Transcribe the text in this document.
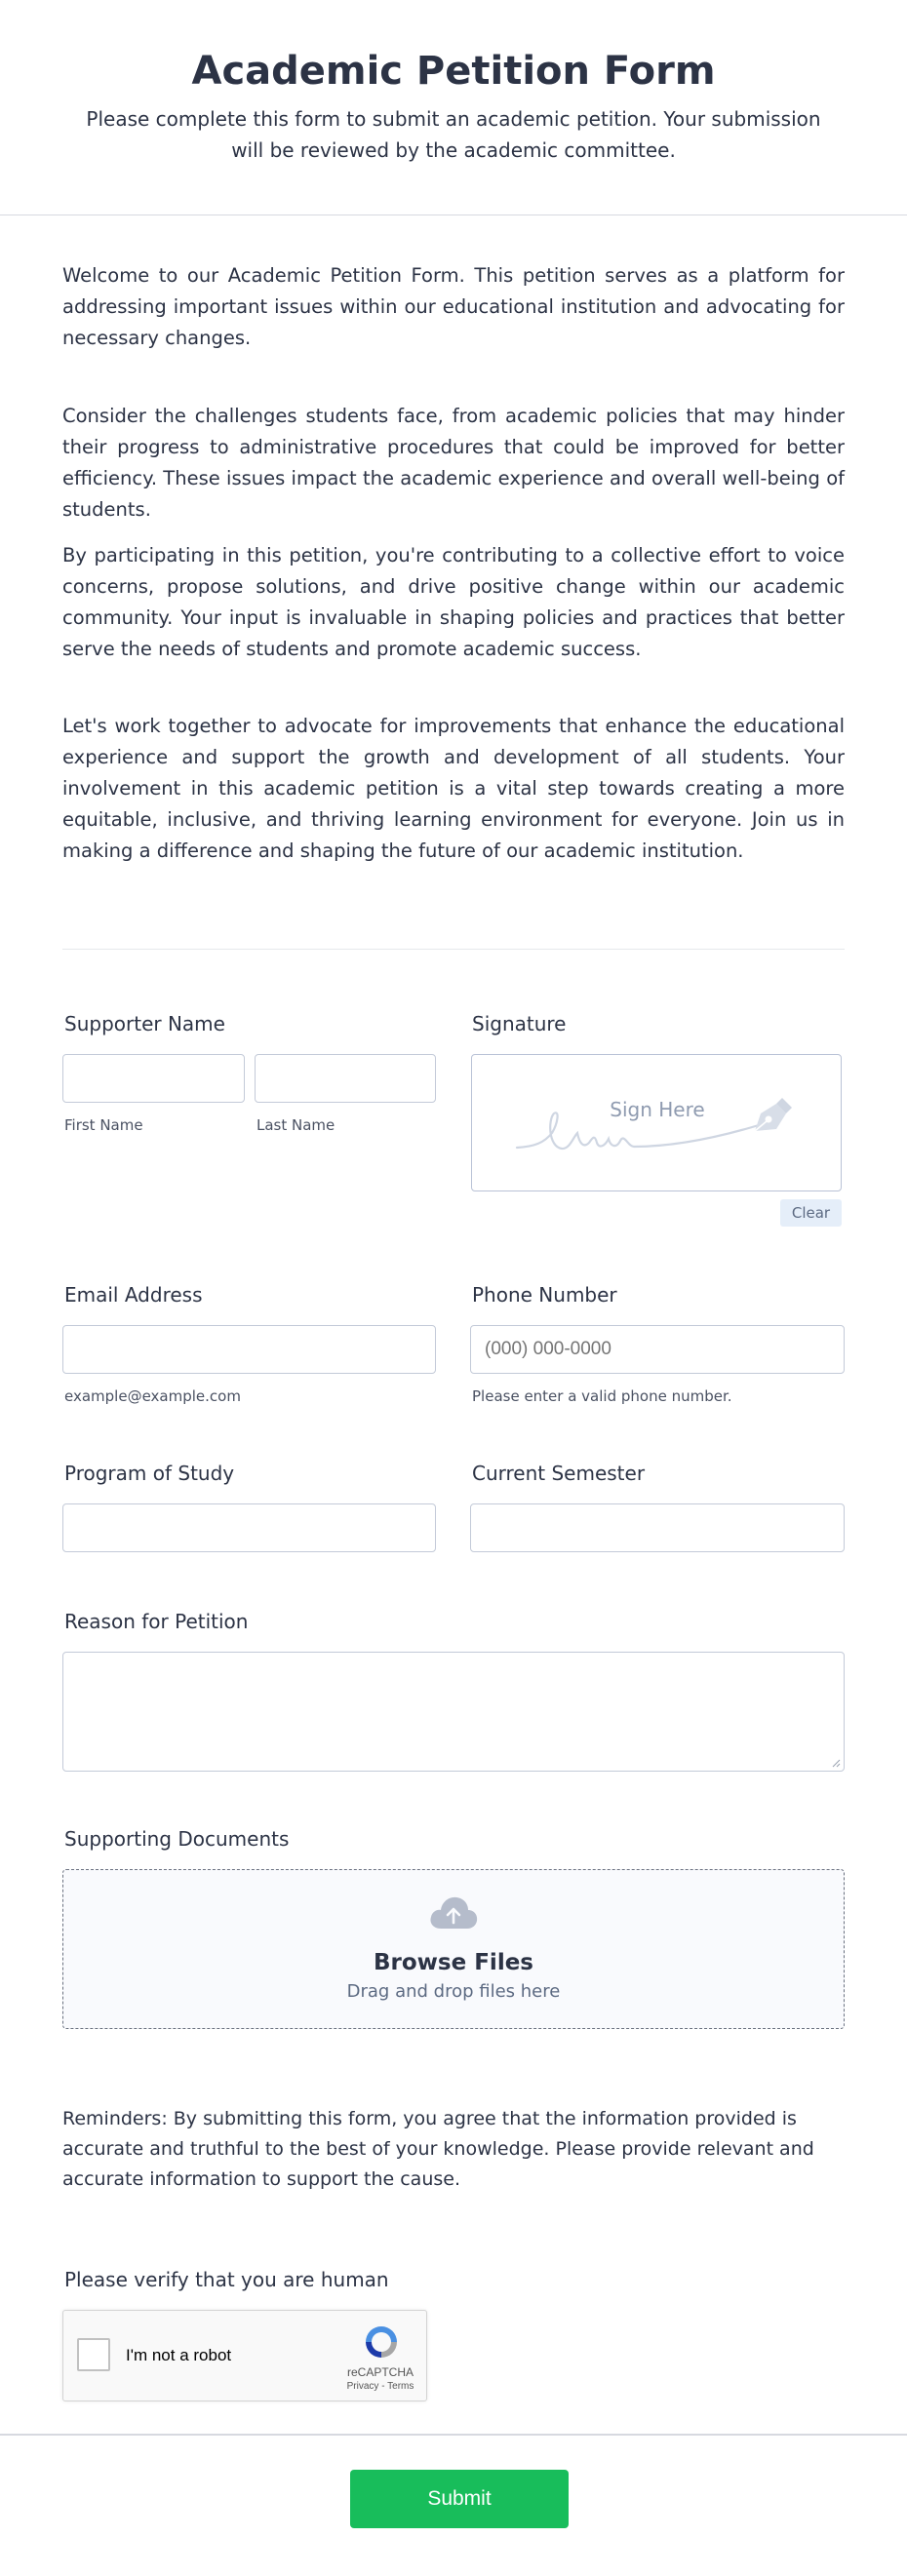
Academic Petition Form
Please complete this form to submit an academic petition. Your submission will be reviewed by the academic committee.

Welcome to our Academic Petition Form. This petition serves as a platform for addressing important issues within our educational institution and advocating for necessary changes.

Consider the challenges students face, from academic policies that may hinder their progress to administrative procedures that could be improved for better efficiency. These issues impact the academic experience and overall well-being of students.

By participating in this petition, you're contributing to a collective effort to voice concerns, propose solutions, and drive positive change within our academic community. Your input is invaluable in shaping policies and practices that better serve the needs of students and promote academic success.

Let's work together to advocate for improvements that enhance the educational experience and support the growth and development of all students. Your involvement in this academic petition is a vital step towards creating a more equitable, inclusive, and thriving learning environment for everyone. Join us in making a difference and shaping the future of our academic institution.

Supporter Name
First Name	Last Name
Signature
Sign Here
Clear
Email Address
example@example.com
Phone Number
(000) 000-0000
Please enter a valid phone number.
Program of Study	Current Semester
Reason for Petition
Supporting Documents
Browse Files
Drag and drop files here

Reminders: By submitting this form, you agree that the information provided is accurate and truthful to the best of your knowledge. Please provide relevant and accurate information to support the cause.

Please verify that you are human
I'm not a robot
reCAPTCHA
Privacy - Terms
Submit
